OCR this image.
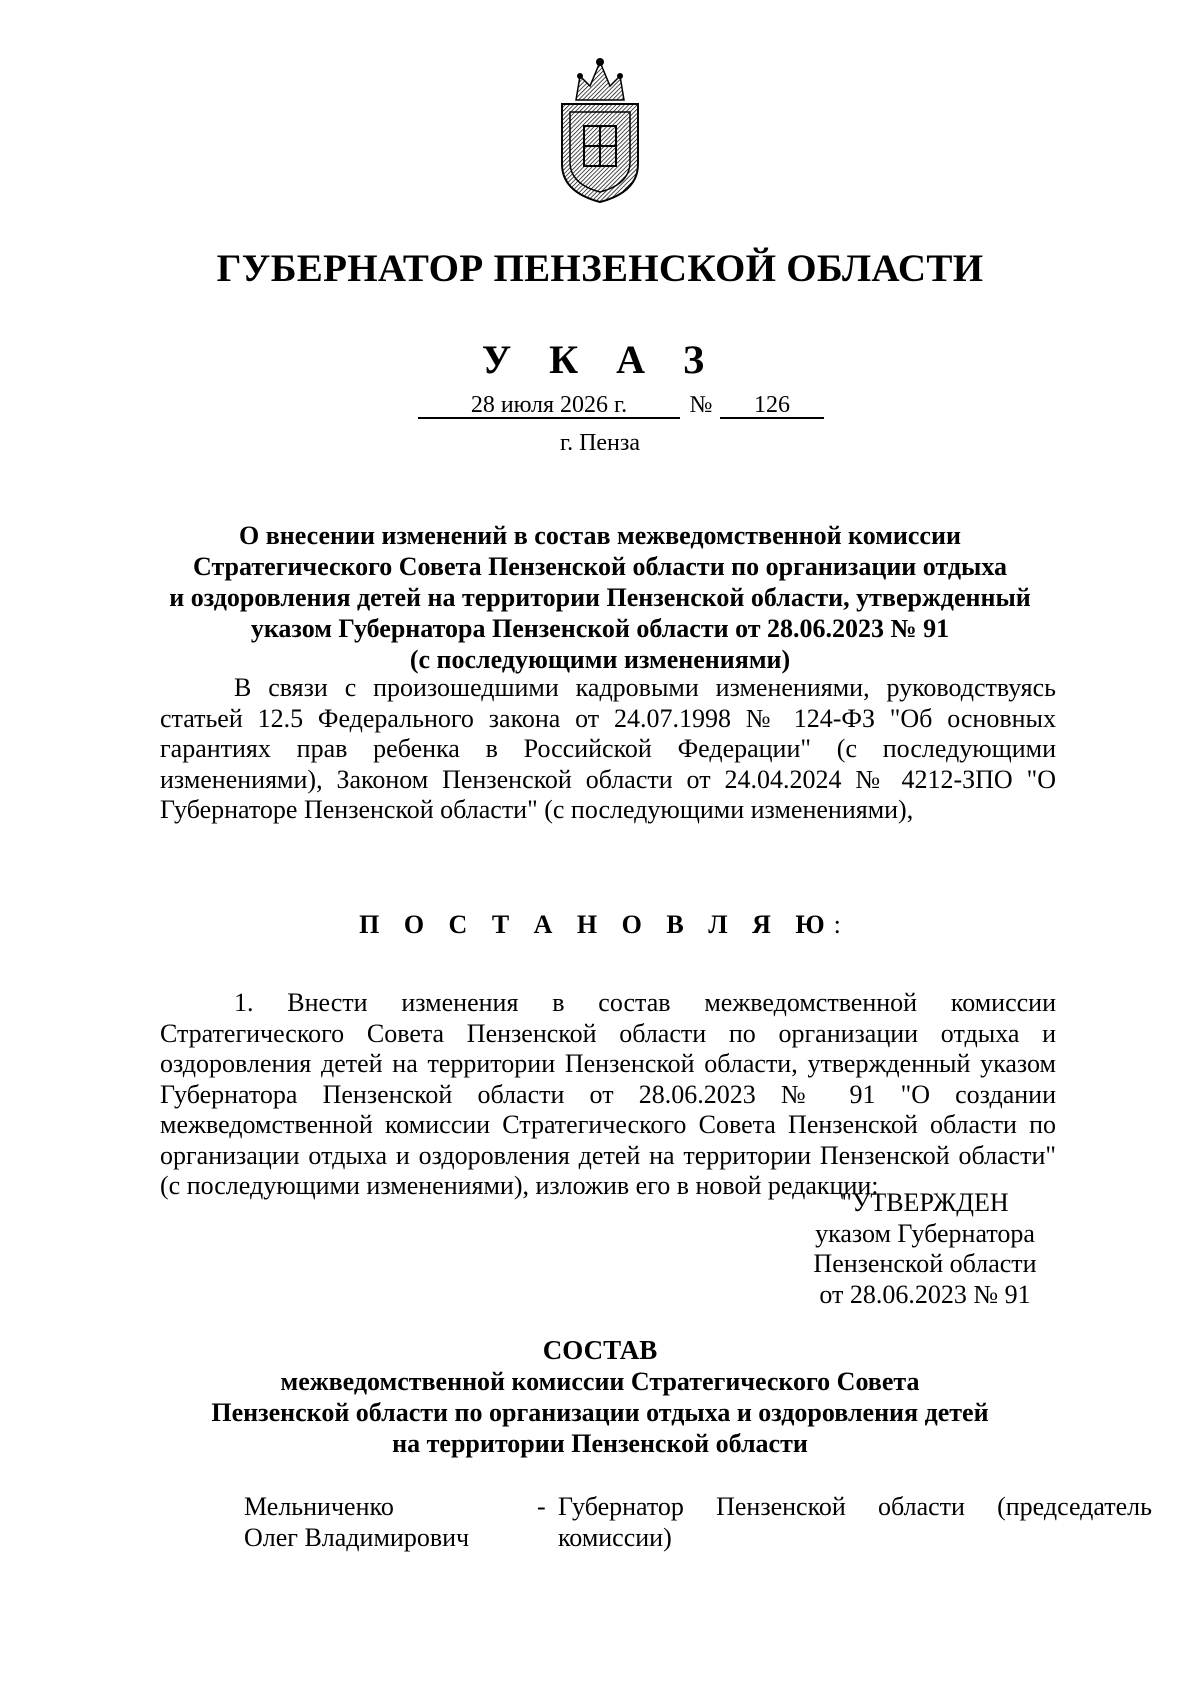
ГУБЕРНАТОР ПЕНЗЕНСКОЙ ОБЛАСТИ
У К А З
28 июля 2026 г.	№	126
г. Пенза
О внесении изменений в состав межведомственной комиссии
Стратегического Совета Пензенской области по организации отдыха
и оздоровления детей на территории Пензенской области, утвержденный
указом Губернатора Пензенской области от 28.06.2023 № 91
(с последующими изменениями)
В связи с произошедшими кадровыми изменениями, руководствуясь статьей 12.5 Федерального закона от 24.07.1998 № 124-ФЗ "Об основных гарантиях прав ребенка в Российской Федерации" (с последующими изменениями), Законом Пензенской области от 24.04.2024 № 4212-ЗПО "О Губернаторе Пензенской области" (с последующими изменениями),
П О С Т А Н О В Л Я Ю:
1. Внести изменения в состав межведомственной комиссии Стратегического Совета Пензенской области по организации отдыха и оздоровления детей на территории Пензенской области, утвержденный указом Губернатора Пензенской области от 28.06.2023 № 91 "О создании межведомственной комиссии Стратегического Совета Пензенской области по организации отдыха и оздоровления детей на территории Пензенской области" (с последующими изменениями), изложив его в новой редакции:
"УТВЕРЖДЕН
указом Губернатора
Пензенской области
от 28.06.2023 № 91
СОСТАВ
межведомственной комиссии Стратегического Совета
Пензенской области по организации отдыха и оздоровления детей
на территории Пензенской области
Мельниченко
Олег Владимирович
- Губернатор Пензенской области (председатель комиссии)
